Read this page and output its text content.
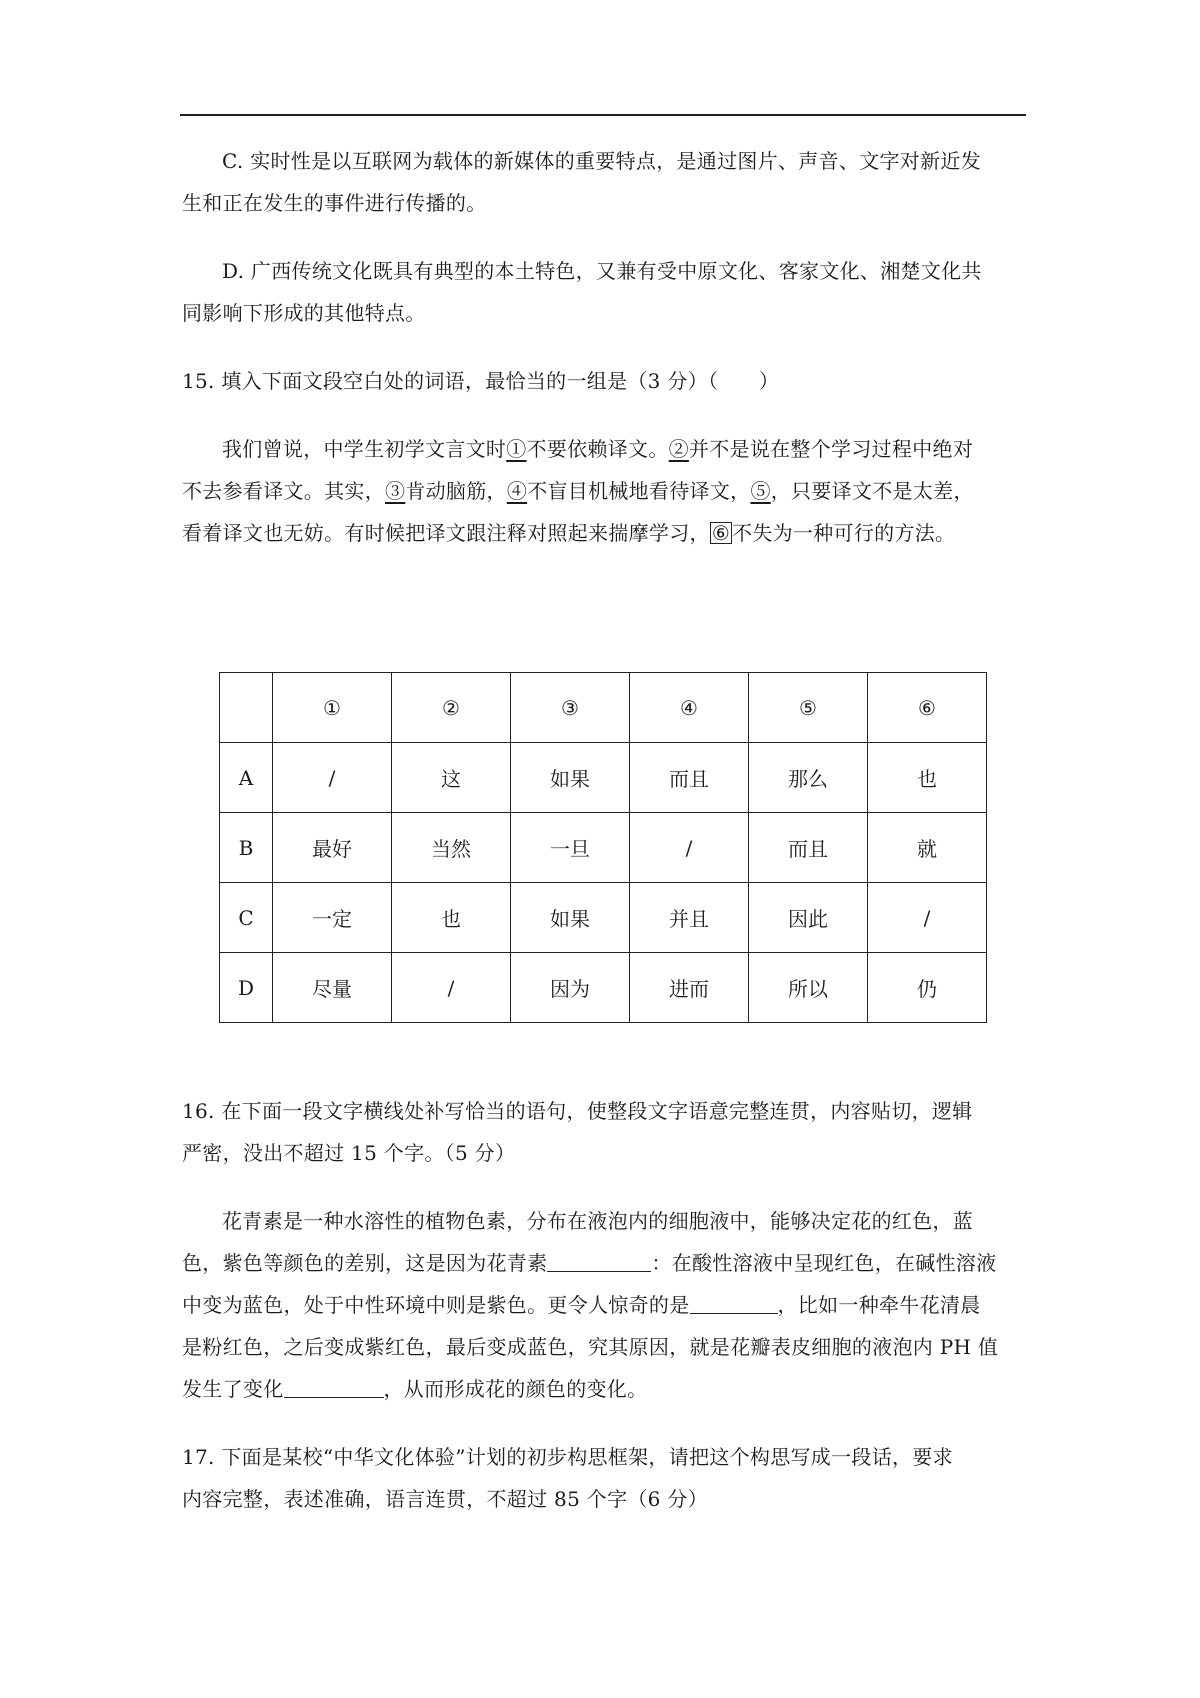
C. 实时性是以互联网为载体的新媒体的重要特点，是通过图片、声音、文字对新近发

生和正在发生的事件进行传播的。

D. 广西传统文化既具有典型的本土特色，又兼有受中原文化、客家文化、湘楚文化共

同影响下形成的其他特点。

15. 填入下面文段空白处的词语，最恰当的一组是（3 分）（　　）

我们曾说，中学生初学文言文时①不要依赖译文。②并不是说在整个学习过程中绝对

不去参看译文。其实，③肯动脑筋，④不盲目机械地看待译文，⑤，只要译文不是太差，

看着译文也无妨。有时候把译文跟注释对照起来揣摩学习， ⑥ 不失为一种可行的方法。

	①	②	③	④	⑤	⑥
A	/	这	如果	而且	那么	也
B	最好	当然	一旦	/	而且	就
C	一定	也	如果	并且	因此	/
D	尽量	/	因为	进而	所以	仍

16. 在下面一段文字横线处补写恰当的语句，使整段文字语意完整连贯，内容贴切，逻辑

严密，没出不超过 15 个字。（5 分）

花青素是一种水溶性的植物色素，分布在液泡内的细胞液中，能够决定花的红色，蓝

色，紫色等颜色的差别，这是因为花青素	：在酸性溶液中呈现红色，在碱性溶液

中变为蓝色，处于中性环境中则是紫色。更令人惊奇的是	，比如一种牵牛花清晨

是粉红色，之后变成紫红色，最后变成蓝色，究其原因，就是花瓣表皮细胞的液泡内 PH 值

发生了变化	，从而形成花的颜色的变化。

17. 下面是某校“中华文化体验”计划的初步构思框架，请把这个构思写成一段话，要求

内容完整，表述准确，语言连贯，不超过 85 个字（6 分）
